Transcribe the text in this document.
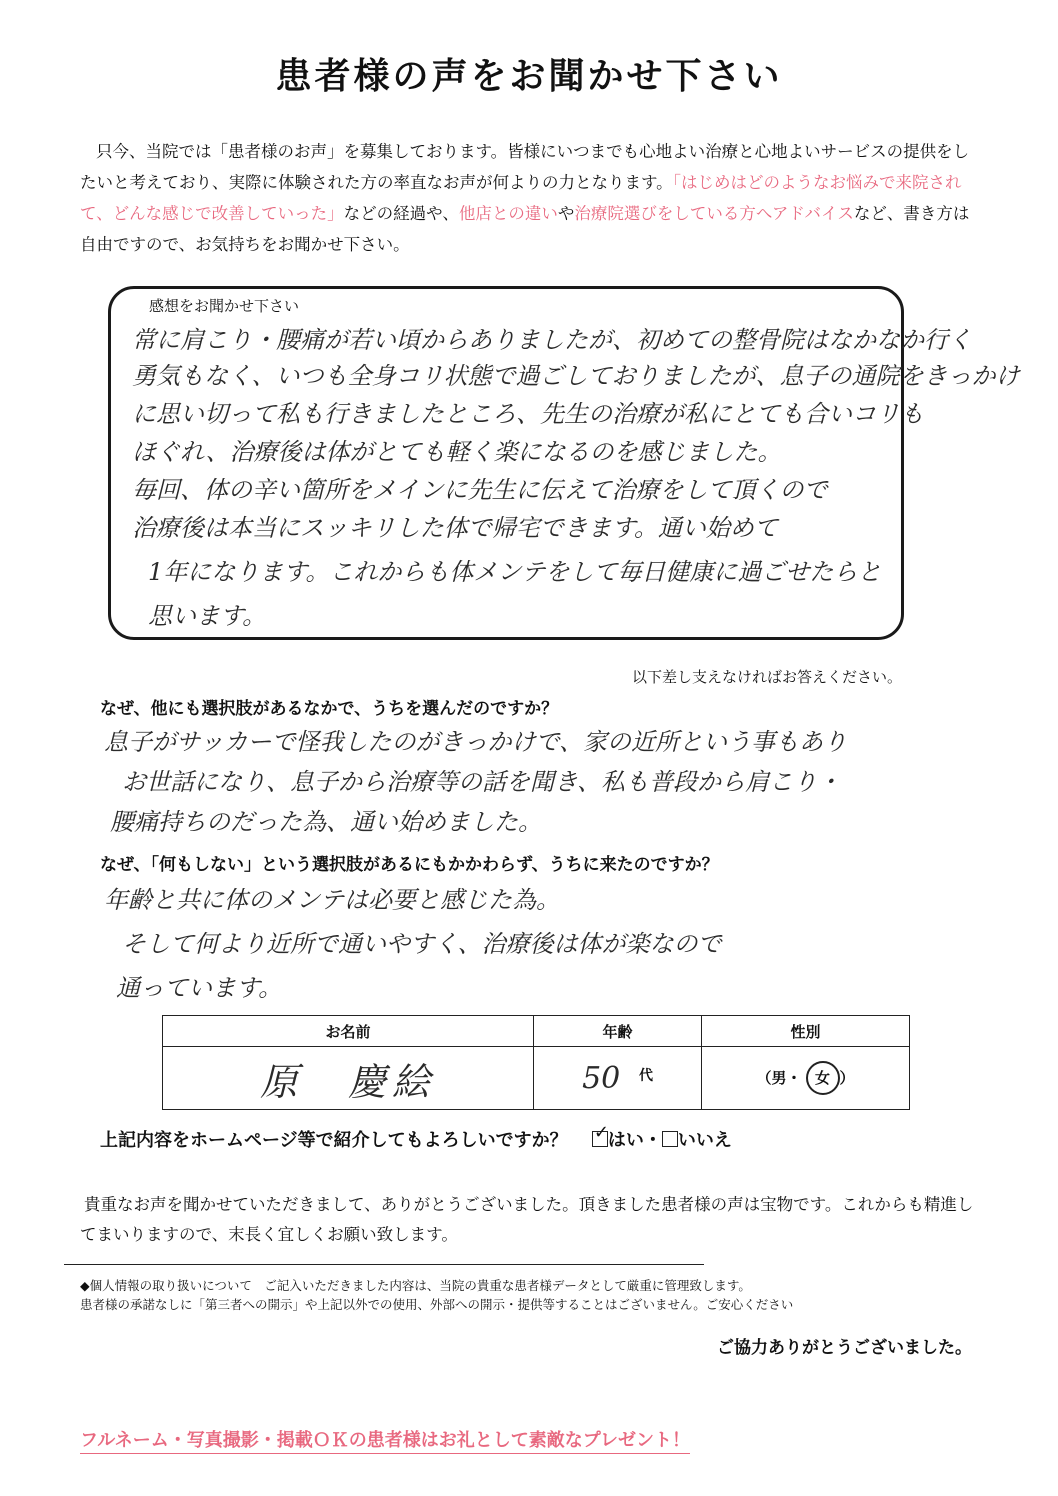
患者様の声をお聞かせ下さい
只今、当院では「患者様のお声」を募集しております。皆様にいつまでも心地よい治療と心地よいサービスの提供をしたいと考えており、実際に体験された方の率直なお声が何よりの力となります。「はじめはどのようなお悩みで来院されて、どんな感じで改善していった」などの経過や、他店との違いや治療院選びをしている方へアドバイスなど、書き方は自由ですので、お気持ちをお聞かせ下さい。
感想をお聞かせ下さい
常に肩こり・腰痛が若い頃からありましたが、初めての整骨院はなかなか行く
勇気もなく、いつも全身コリ状態で過ごしておりましたが、息子の通院をきっかけ
に思い切って私も行きましたところ、先生の治療が私にとても合いコリも
ほぐれ、治療後は体がとても軽く楽になるのを感じました。
毎回、体の辛い箇所をメインに先生に伝えて治療をして頂くので
治療後は本当にスッキリした体で帰宅できます。通い始めて
1年になります。これからも体メンテをして毎日健康に過ごせたらと
思います。
以下差し支えなければお答えください。
なぜ、他にも選択肢があるなかで、うちを選んだのですか？
息子がサッカーで怪我したのがきっかけで、家の近所という事もあり
お世話になり、息子から治療等の話を聞き、私も普段から肩こり・
腰痛持ちのだった為、通い始めました。
なぜ、「何もしない」という選択肢があるにもかかわらず、うちに来たのですか？
年齢と共に体のメンテは必要と感じた為。
そして何より近所で通いやすく、治療後は体が楽なので
通っています。
お名前	年齢	性別
原　慶絵	50 代	（男・ 女 ）
上記内容をホームページ等で紹介してもよろしいですか？ ✓
はい・ いいえ
貴重なお声を聞かせていただきまして、ありがとうございました。頂きました患者様の声は宝物です。これからも精進してまいりますので、末長く宜しくお願い致します。
◆個人情報の取り扱いについて　ご記入いただきました内容は、当院の貴重な患者様データとして厳重に管理致します。
患者様の承諾なしに「第三者への開示」や上記以外での使用、外部への開示・提供等することはございません。ご安心ください
ご協力ありがとうございました。
フルネーム・写真撮影・掲載ＯＫの患者様はお礼として素敵なプレゼント！
